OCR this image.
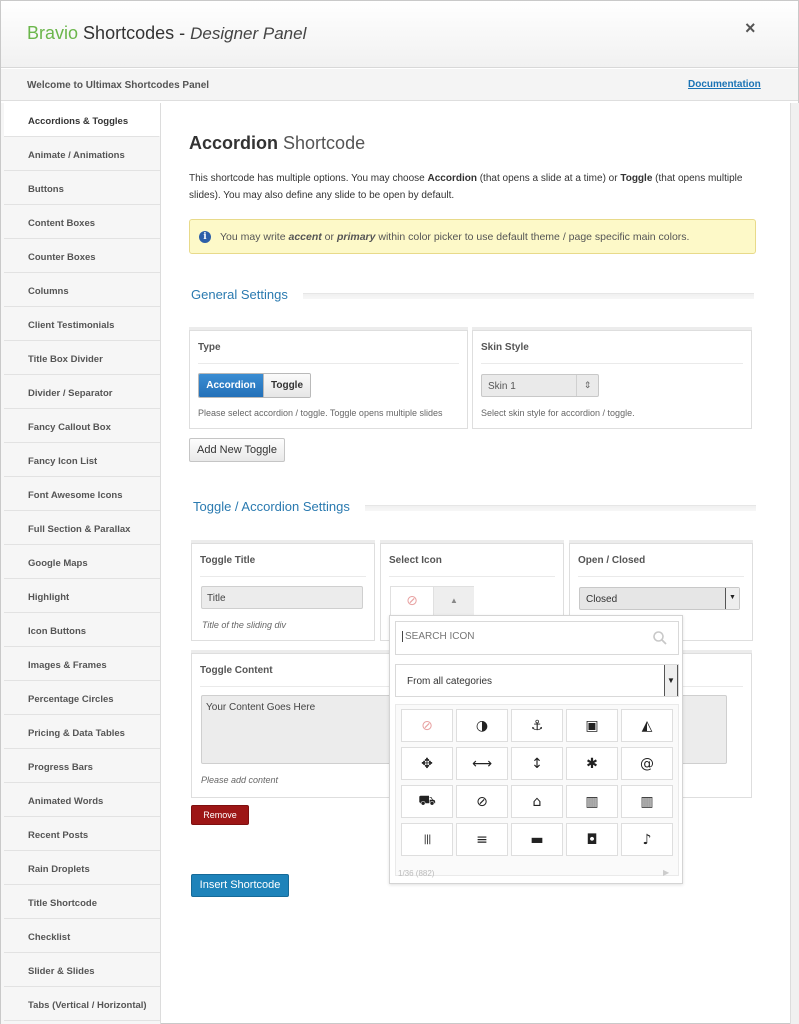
Bravio Shortcodes - Designer Panel	×
Welcome to Ultimax Shortcodes Panel	Documentation
Accordions & Toggles
Animate / Animations
Buttons
Content Boxes
Counter Boxes
Columns
Client Testimonials
Title Box Divider
Divider / Separator
Fancy Callout Box
Fancy Icon List
Font Awesome Icons
Full Section & Parallax
Google Maps
Highlight
Icon Buttons
Images & Frames
Percentage Circles
Pricing & Data Tables
Progress Bars
Animated Words
Recent Posts
Rain Droplets
Title Shortcode
Checklist
Slider & Slides
Tabs (Vertical / Horizontal)
Accordion Shortcode
This shortcode has multiple options. You may choose Accordion (that opens a slide at a time) or Toggle (that opens multiple slides). You may also define any slide to be open by default.
i	You may write accent or primary within color picker to use default theme / page specific main colors.
General Settings
Type
Accordion	Toggle
Please select accordion / toggle. Toggle opens multiple slides
Skin Style
Skin 1	⇕
Select skin style for accordion / toggle.
Add New Toggle
Toggle / Accordion Settings
Toggle Title
Title
Title of the sliding div
Select Icon
⊘	▲
Open / Closed
Closed	▼
Toggle Content
Your Content Goes Here
Please add content
Remove
Insert Shortcode
SEARCH ICON
From all categories	▼
⊘	◑	⚓	▣	◭
✥	⟷	↕	✱	@
⛟	⊘	⌂	▥	▥
|||	≡	▬	◘	♪
1/36 (882)	▶
